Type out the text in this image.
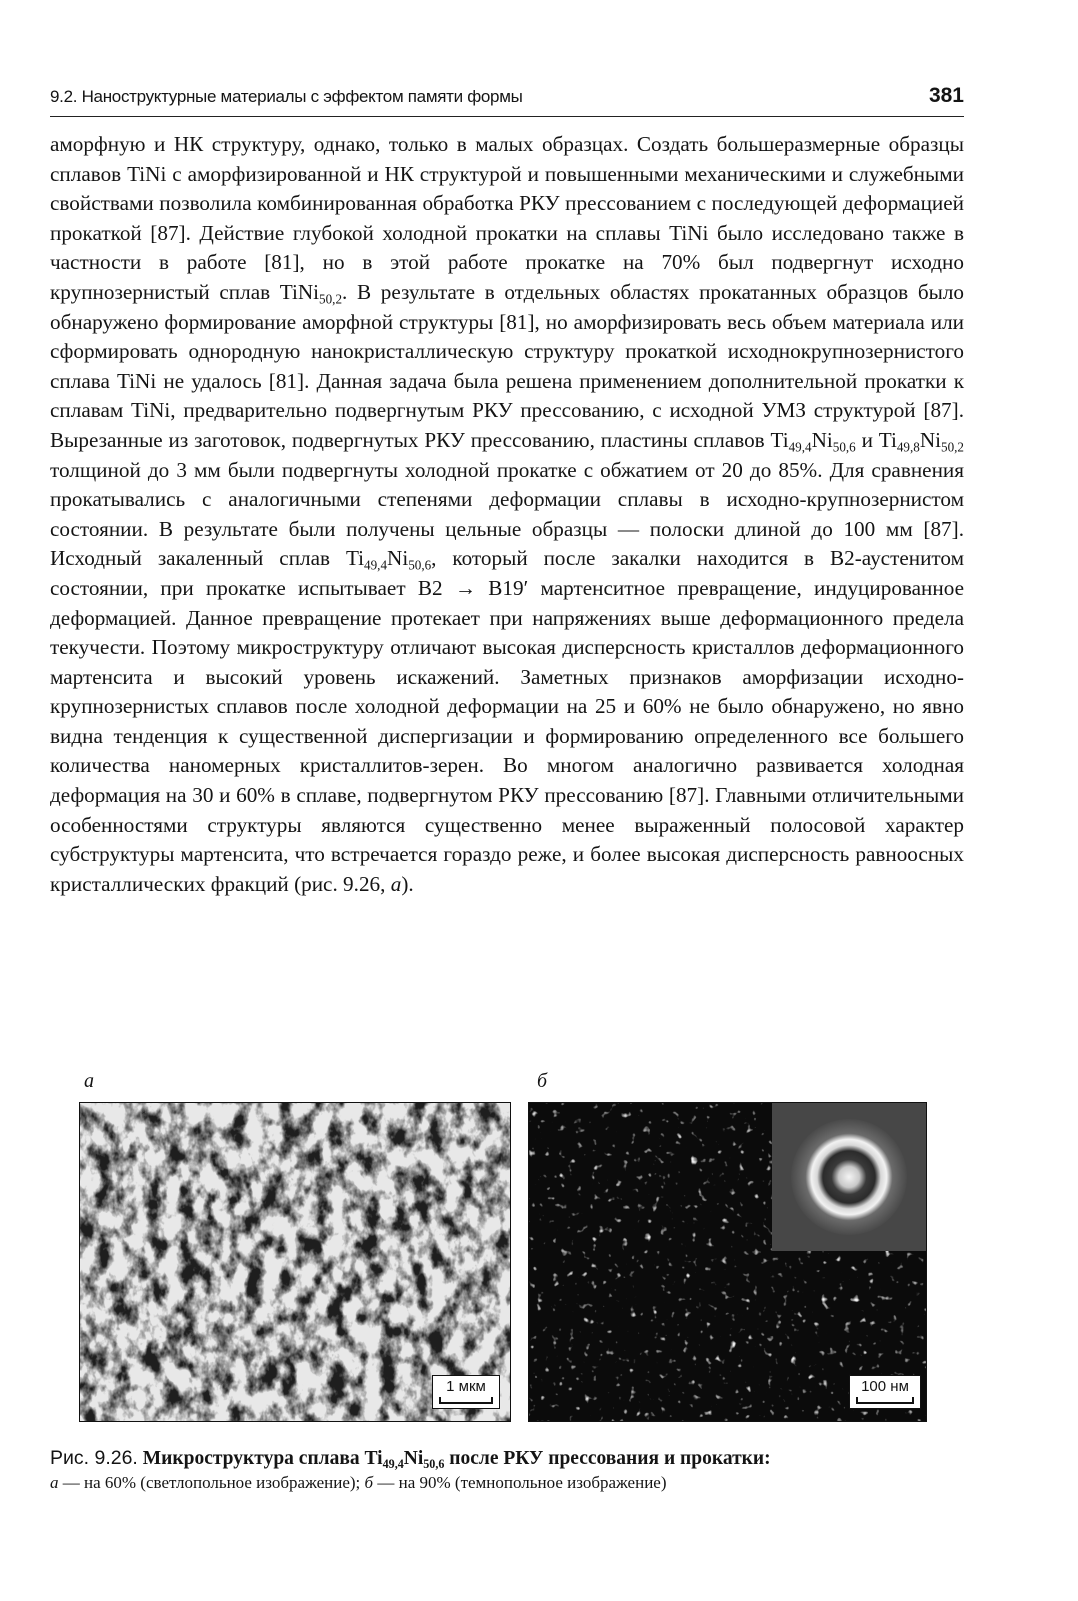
9.2. Наноструктурные материалы с эффектом памяти формы	381

аморфную и НК структуру, однако, только в малых образцах. Создать большеразмерные образцы сплавов TiNi с аморфизированной и НК структурой и повышенными механическими и служебными свойствами позволила комбинированная обработка РКУ прессованием с последующей деформацией прокаткой [87]. Действие глубокой холодной прокатки на сплавы TiNi было исследовано также в частности в работе [81], но в этой работе прокатке на 70% был подвергнут исходно крупнозернистый сплав TiNi$_{50,2}$. В результате в отдельных областях прокатанных образцов было обнаружено формирование аморфной структуры [81], но аморфизировать весь объем материала или сформировать однородную нанокристаллическую структуру прокаткой исходнокрупнозернистого сплава TiNi не удалось [81]. Данная задача была решена применением дополнительной прокатки к сплавам TiNi, предварительно подвергнутым РКУ прессованию, с исходной УМЗ структурой [87]. Вырезанные из заготовок, подвергнутых РКУ прессованию, пластины сплавов $Ti_{49,4}Ni_{50,6}$ и $Ti_{49,8}Ni_{50,2}$ толщиной до 3 мм были подвергнуты холодной прокатке с обжатием от 20 до 85%. Для сравнения прокатывались с аналогичными степенями деформации сплавы в исходно-крупнозернистом состоянии. В результате были получены цельные образцы — полоски длиной до 100 мм [87]. Исходный закаленный сплав $Ti_{49,4}Ni_{50,6}$, который после закалки находится в B2-аустенитом состоянии, при прокатке испытывает B2 → B19′ мартенситное превращение, индуцированное деформацией. Данное превращение протекает при напряжениях выше деформационного предела текучести. Поэтому микроструктуру отличают высокая дисперсность кристаллов деформационного мартенсита и высокий уровень искажений. Заметных признаков аморфизации исходно-крупнозернистых сплавов после холодной деформации на 25 и 60% не было обнаружено, но явно видна тенденция к существенной диспергизации и формированию определенного все большего количества наномерных кристаллитов-зерен. Во многом аналогично развивается холодная деформация на 30 и 60% в сплаве, подвергнутом РКУ прессованию [87]. Главными отличительными особенностями структуры являются существенно менее выраженный полосовой характер субструктуры мартенсита, что встречается гораздо реже, и более высокая дисперсность равноосных кристаллических фракций (рис. 9.26, а).

а	б
1 мкм	100 нм
Рис. 9.26. Микроструктура сплава $Ti_{49,4}Ni_{50,6}$ после РКУ прессования и прокатки:
а — на 60% (светлопольное изображение); б — на 90% (темнопольное изображение)
